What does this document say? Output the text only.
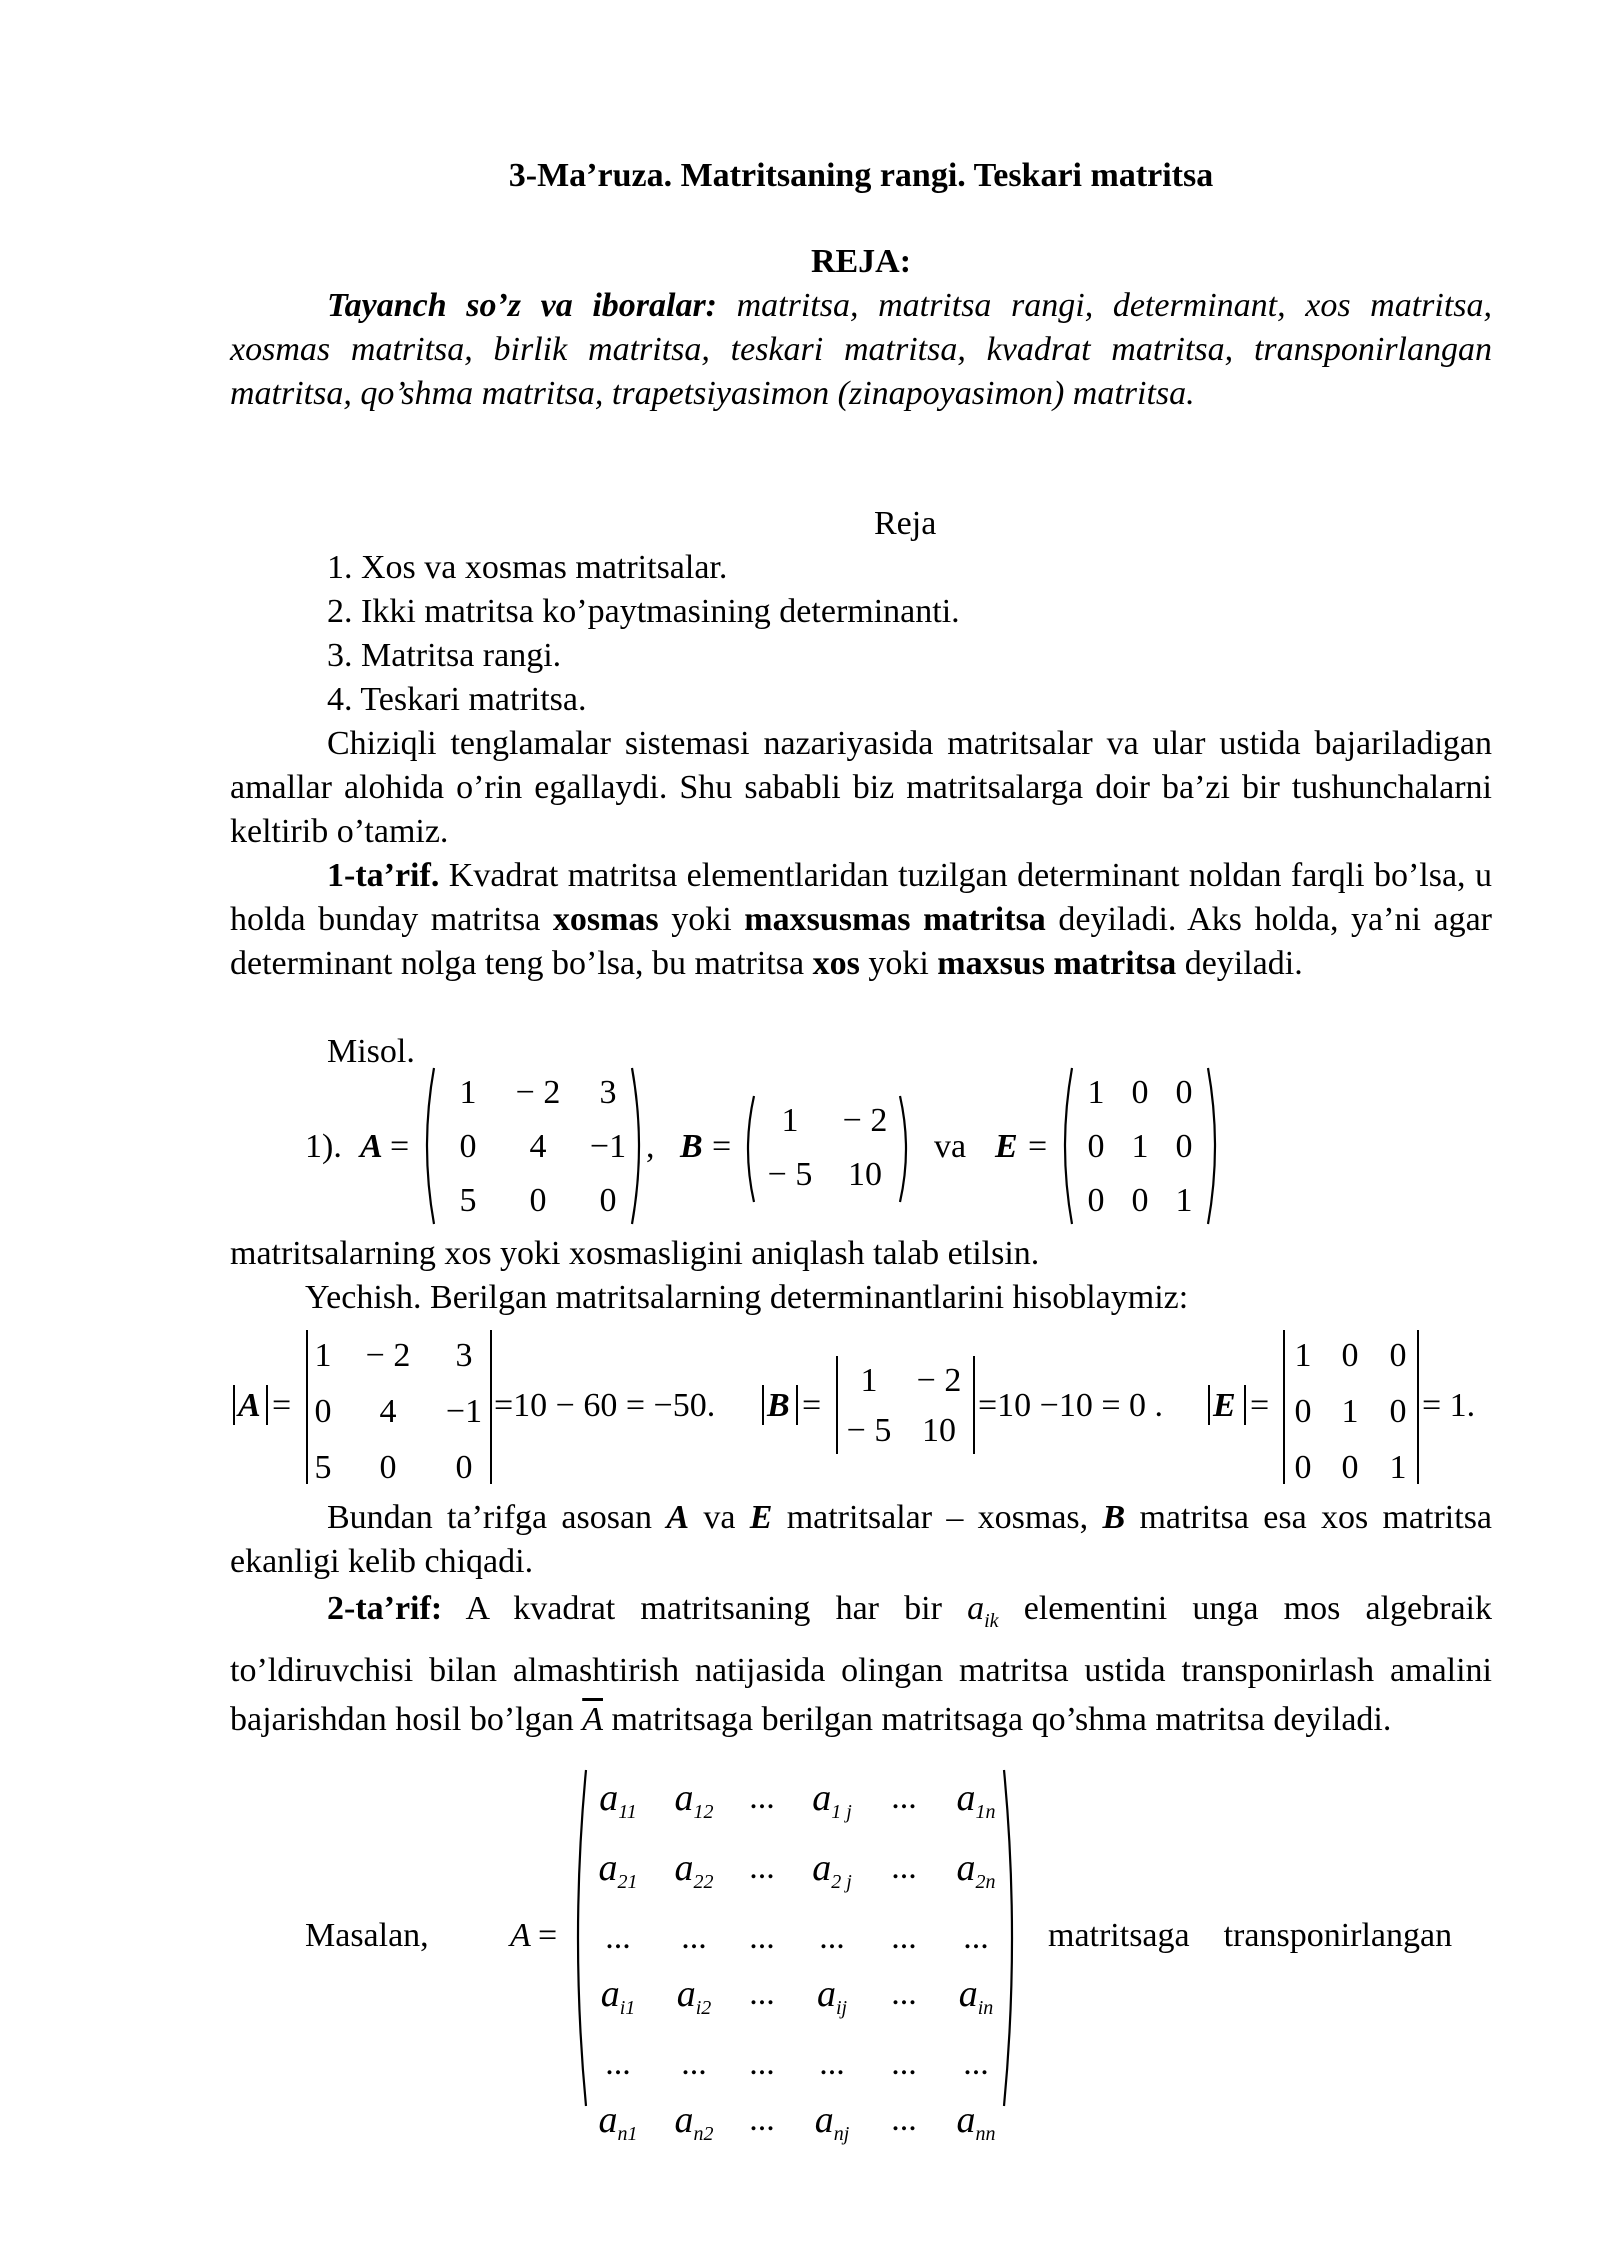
3-Ma’ruza. Matritsaning rangi. Teskari matritsa
REJA:
Tayanch so’z va iboralar: matritsa, matritsa rangi, determinant, xos matritsa, xosmas matritsa, birlik matritsa, teskari matritsa, kvadrat matritsa, transponirlangan matritsa, qo’shma matritsa, trapetsiyasimon (zinapoyasimon) matritsa.
Reja
1. Xos va xosmas matritsalar.
2. Ikki matritsa ko’paytmasining determinanti.
3. Matritsa rangi.
4. Teskari matritsa.
Chiziqli tenglamalar sistemasi nazariyasida matritsalar va ular ustida bajariladigan amallar alohida o’rin egallaydi. Shu sababli biz matritsalarga doir ba’zi bir tushunchalarni keltirib o’tamiz.
1-ta’rif. Kvadrat matritsa elementlaridan tuzilgan determinant noldan farqli bo’lsa, u holda bunday matritsa xosmas yoki maxsusmas matritsa deyiladi. Aks holda, ya’ni agar determinant nolga teng bo’lsa, bu matritsa xos yoki maxsus matritsa deyiladi.
Misol.
1). A =
1	− 2	3
0	4	−1
5	0	0
, B =
1	− 2
− 5	10
va E =
1 0 0
0 1 0
0 0 1
matritsalarning xos yoki xosmasligini aniqlash talab etilsin.
Yechish. Berilgan matritsalarning determinantlarini hisoblaymiz:
A =
1	− 2	3
0	4	−1
5	0	0
=10 − 60 = −50. B =
1	− 2
− 5 10
=10 −10 = 0 . E =
1 0 0
0 1 0
0 0 1
= 1.
Bundan ta’rifga asosan A va E matritsalar – xosmas, B matritsa esa xos matritsa ekanligi kelib chiqadi.
2-ta’rif: A kvadrat matritsaning har bir $a_{ik}$ elementini unga mos algebraik to’ldiruvchisi bilan almashtirish natijasida olingan matritsa ustida transponirlash amalini bajarishdan hosil bo’lgan $\overline{A}$ matritsaga berilgan matritsaga qo’shma matritsa deyiladi.
Masalan, A =
$a_{11}$ $a_{12}$	... $a_{1 j}$	...	$a_{1n}$
$a_{21}$ $a_{22}$	... $a_{2 j}$	...	$a_{2n}$
...	...	...	...	...	...
$a_{i1}$	$a_{i2}$	...	$a_{ij}$	...	$a_{in}$
...	...	...	...	...	...
$a_{n1}$ $a_{n2}$	...	$a_{nj}$	...	$a_{nn}$
matritsaga    transponirlangan
